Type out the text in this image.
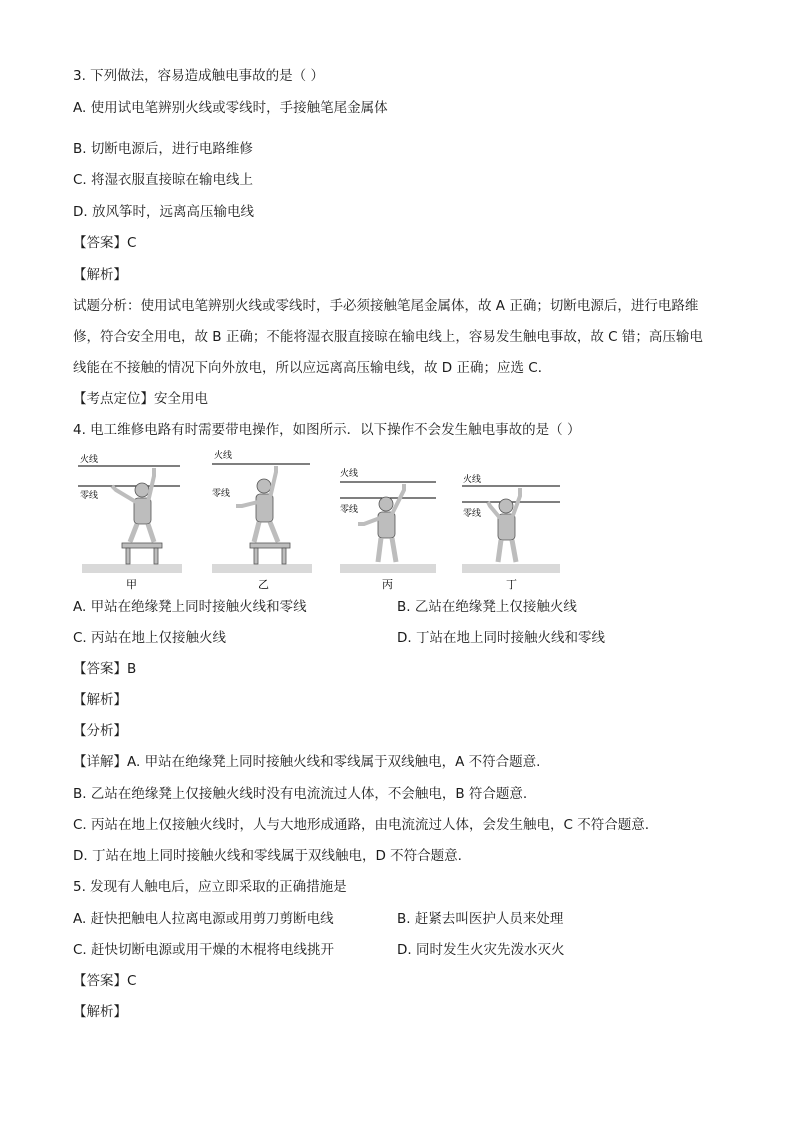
3. 下列做法，容易造成触电事故的是（ ）
A. 使用试电笔辨别火线或零线时，手接触笔尾金属体
B. 切断电源后，进行电路维修
C. 将湿衣服直接晾在输电线上
D. 放风筝时，远离高压输电线
【答案】C
【解析】
试题分析：使用试电笔辨别火线或零线时，手必须接触笔尾金属体，故 A 正确；切断电源后，进行电路维
修，符合安全用电，故 B 正确；不能将湿衣服直接晾在输电线上，容易发生触电事故，故 C 错；高压输电
线能在不接触的情况下向外放电，所以应远离高压输电线，故 D 正确；应选 C．
【考点定位】安全用电
4. 电工维修电路有时需要带电操作，如图所示．以下操作不会发生触电事故的是（ ）
火线
零线
甲
火线
零线
乙
火线
零线
丙
火线
零线
丁
A. 甲站在绝缘凳上同时接触火线和零线	B. 乙站在绝缘凳上仅接触火线
C. 丙站在地上仅接触火线	D. 丁站在地上同时接触火线和零线
【答案】B
【解析】
【分析】
【详解】A. 甲站在绝缘凳上同时接触火线和零线属于双线触电，A 不符合题意.
B. 乙站在绝缘凳上仅接触火线时没有电流流过人体，不会触电，B 符合题意.
C. 丙站在地上仅接触火线时，人与大地形成通路，由电流流过人体，会发生触电，C 不符合题意.
D. 丁站在地上同时接触火线和零线属于双线触电，D 不符合题意.
5. 发现有人触电后，应立即采取的正确措施是
A. 赶快把触电人拉离电源或用剪刀剪断电线	B. 赶紧去叫医护人员来处理
C. 赶快切断电源或用干燥的木棍将电线挑开	D. 同时发生火灾先泼水灭火
【答案】C
【解析】
